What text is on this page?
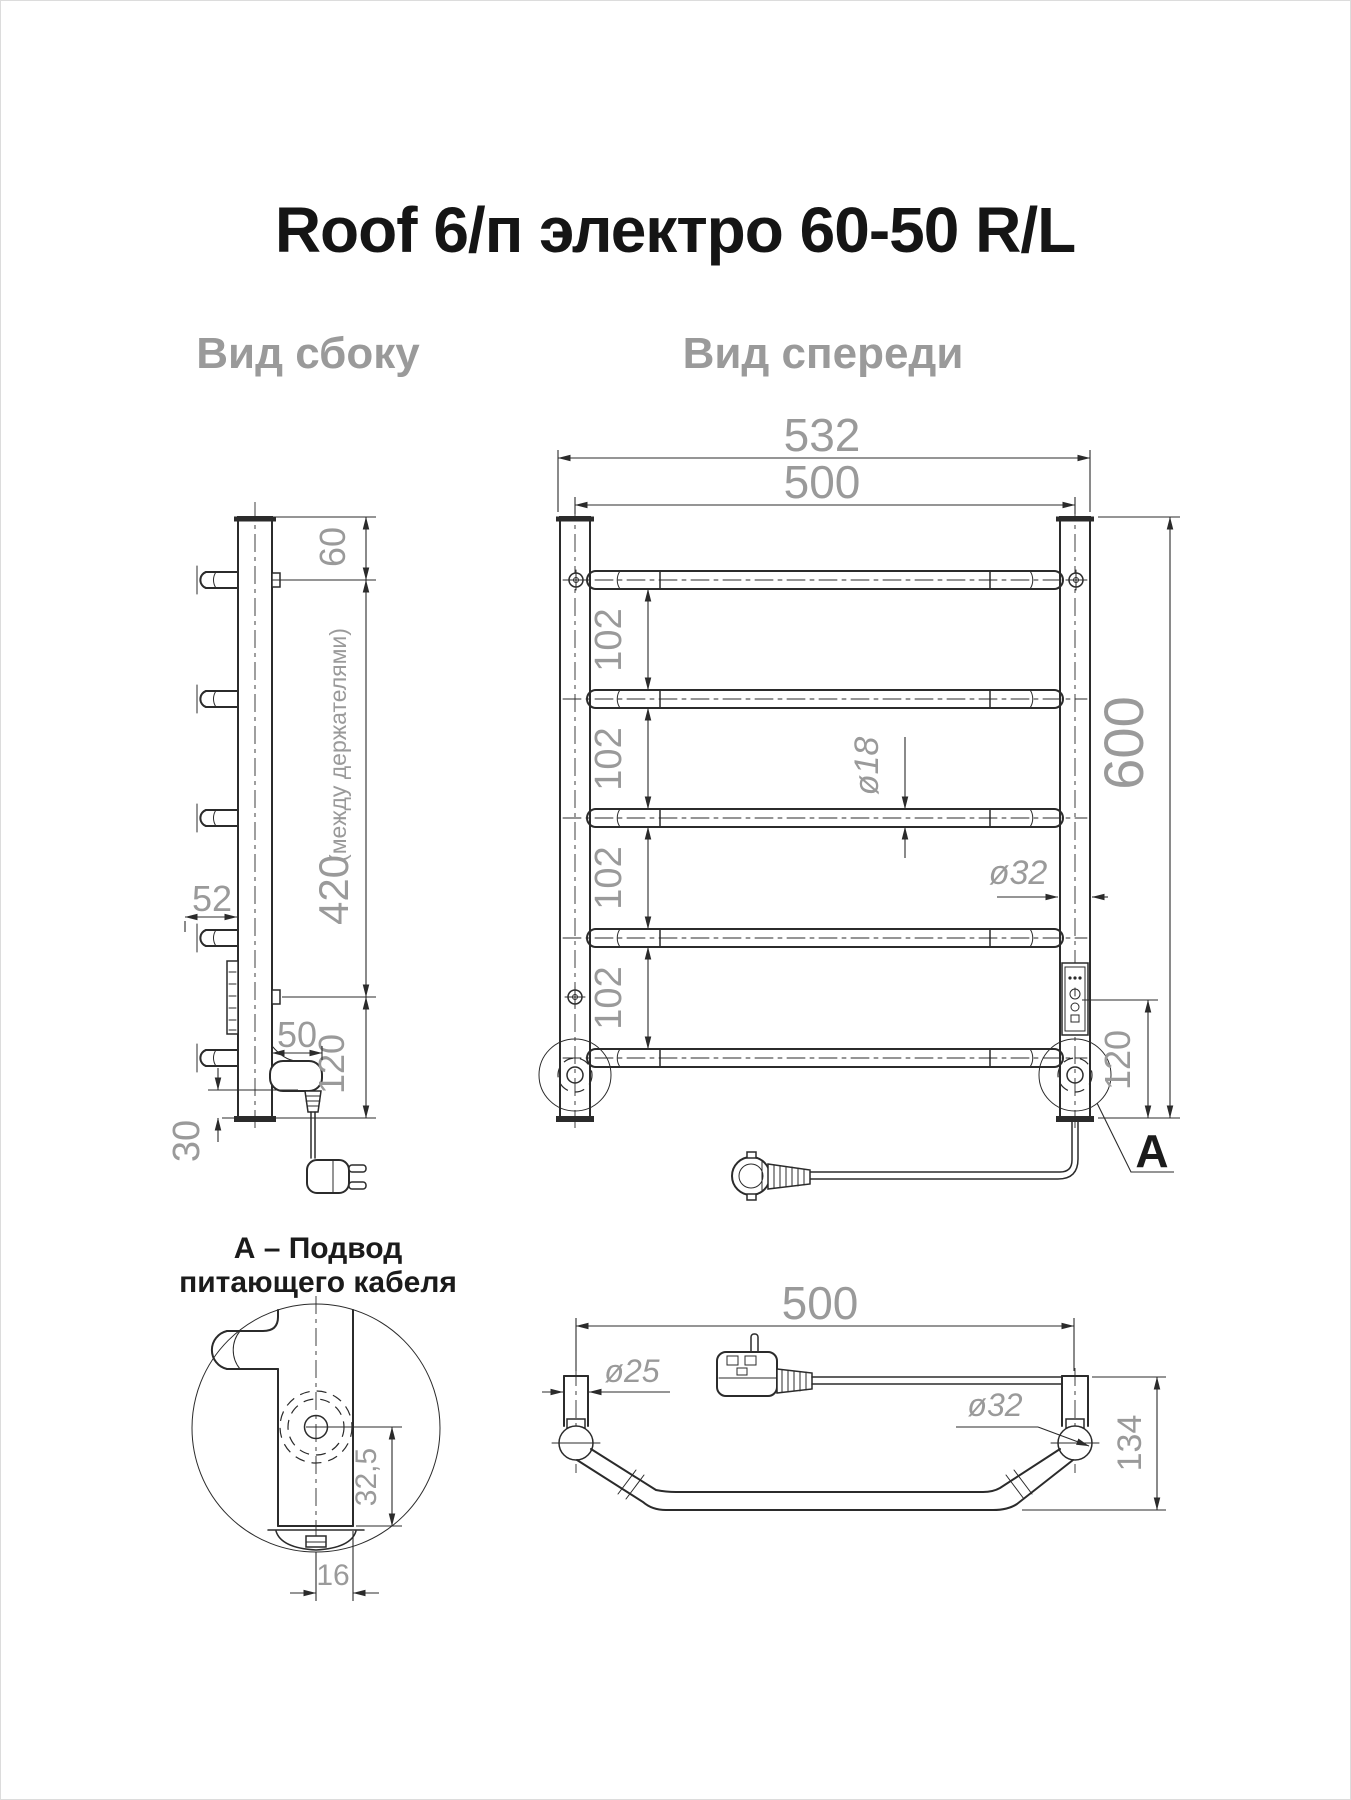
Roof 6/п электро 60-50 R/L
Вид сбоку	Вид спереди
60
420
(между держателями)
120
52
50
30	А
532
500
600
102
102
102
102
ø18
ø32
120
А – Подвод
питающего кабеля
32,5
16
500
ø25
ø32
134
